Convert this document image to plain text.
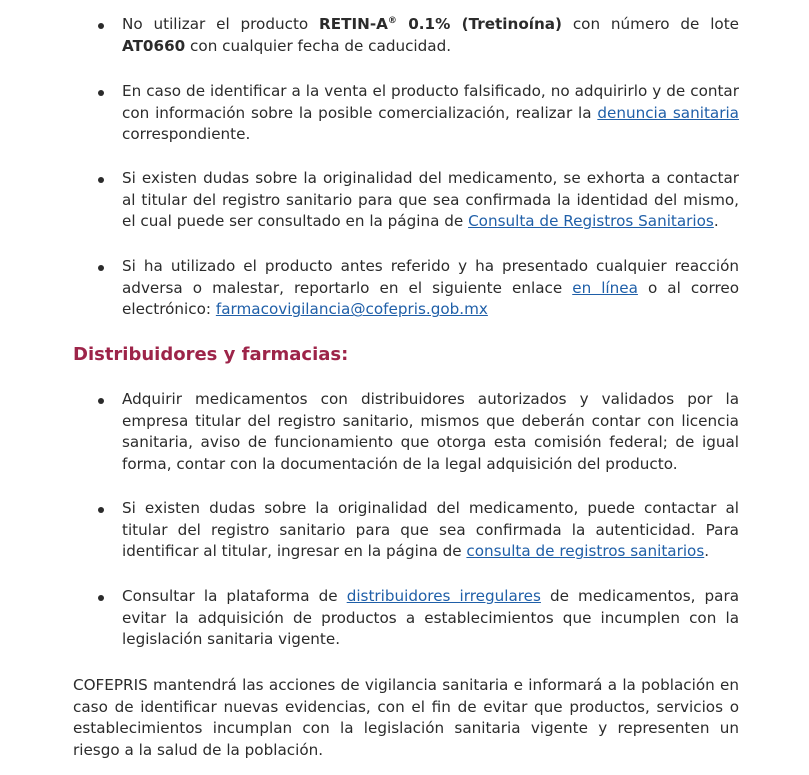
No utilizar el producto RETIN-A® 0.1% (Tretinoína) con número de lote AT0660 con cualquier fecha de caducidad.
En caso de identificar a la venta el producto falsificado, no adquirirlo y de contar con información sobre la posible comercialización, realizar la denuncia sanitaria correspondiente.
Si existen dudas sobre la originalidad del medicamento, se exhorta a contactar al titular del registro sanitario para que sea confirmada la identidad del mismo, el cual puede ser consultado en la página de Consulta de Registros Sanitarios.
Si ha utilizado el producto antes referido y ha presentado cualquier reacción adversa o malestar, reportarlo en el siguiente enlace en línea o al correo electrónico: farmacovigilancia@cofepris.gob.mx
Distribuidores y farmacias:
Adquirir medicamentos con distribuidores autorizados y validados por la empresa titular del registro sanitario, mismos que deberán contar con licencia sanitaria, aviso de funcionamiento que otorga esta comisión federal; de igual forma, contar con la documentación de la legal adquisición del producto.
Si existen dudas sobre la originalidad del medicamento, puede contactar al titular del registro sanitario para que sea confirmada la autenticidad. Para identificar al titular, ingresar en la página de consulta de registros sanitarios.
Consultar la plataforma de distribuidores irregulares de medicamentos, para evitar la adquisición de productos a establecimientos que incumplen con la legislación sanitaria vigente.

COFEPRIS mantendrá las acciones de vigilancia sanitaria e informará a la población en caso de identificar nuevas evidencias, con el fin de evitar que productos, servicios o establecimientos incumplan con la legislación sanitaria vigente y representen un riesgo a la salud de la población.
